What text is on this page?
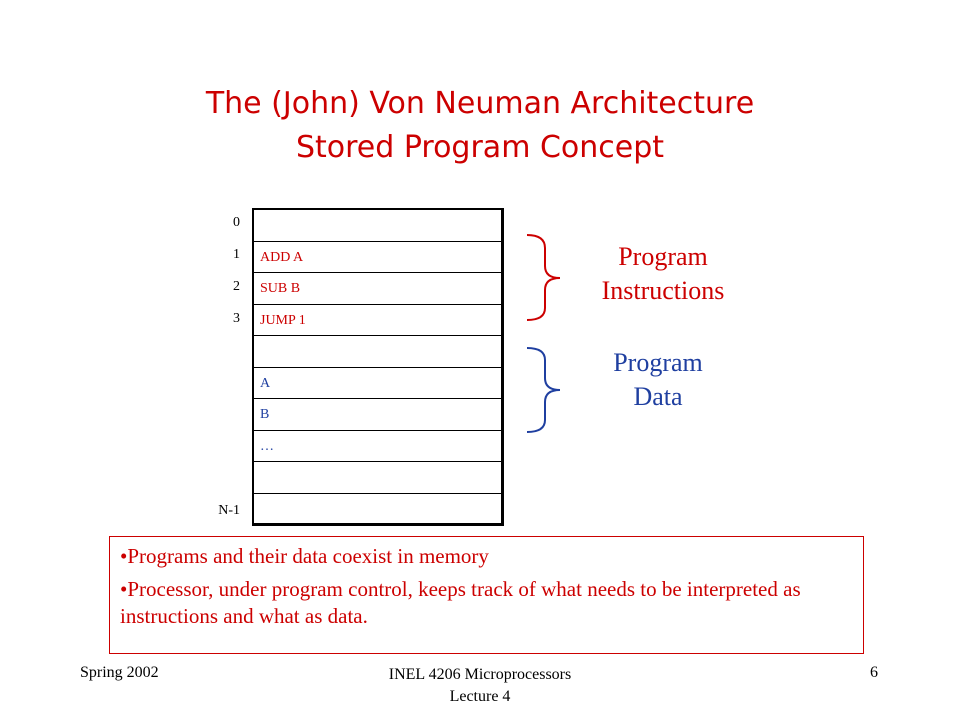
The (John) Von Neuman Architecture
Stored Program Concept
0
1
2
3
N-1
ADD A
SUB B
JUMP 1
A
B
…
Program
Instructions
Program
Data

•Programs and their data coexist in memory

•Processor, under program control, keeps track of what needs to be interpreted as instructions and what as data.

Spring 2002	INEL 4206 Microprocessors
Lecture 4
6
